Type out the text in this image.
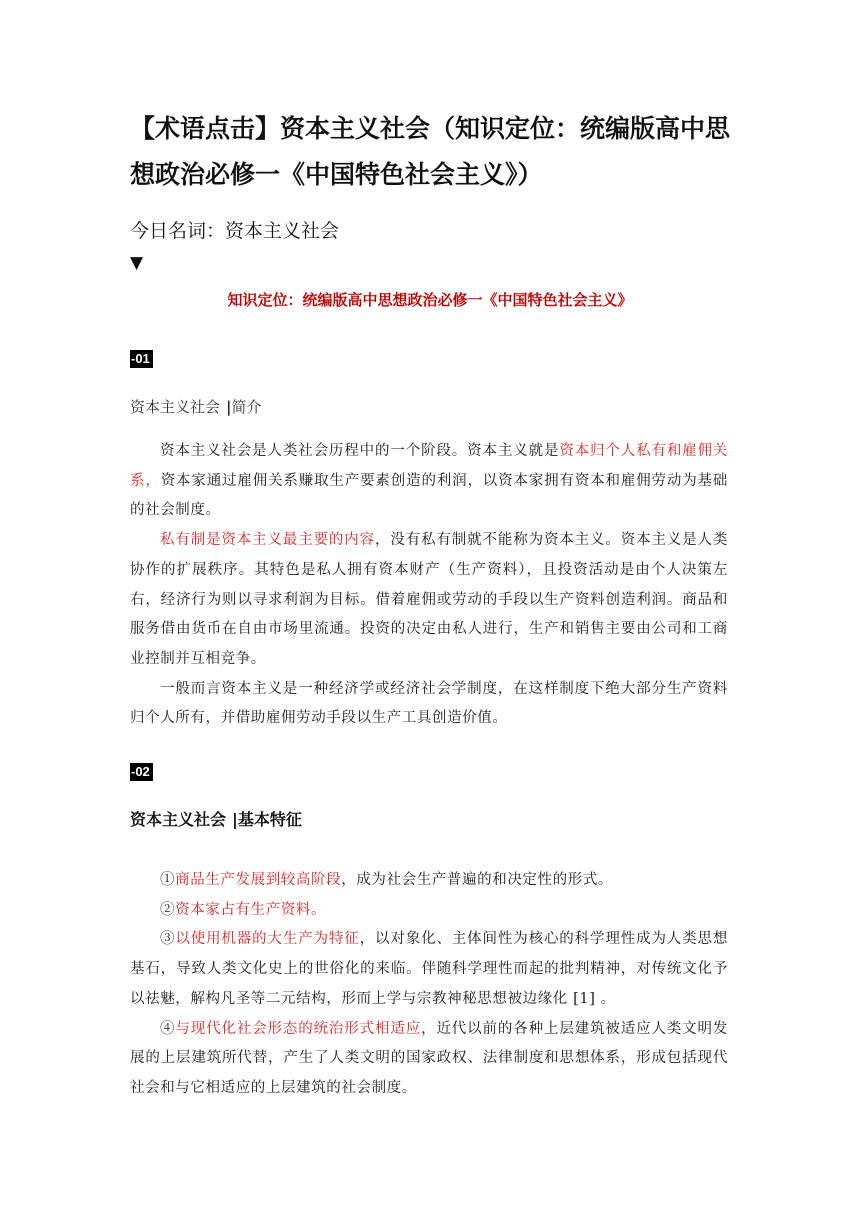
【术语点击】资本主义社会（知识定位：统编版高中思想政治必修一《中国特色社会主义》）
今日名词：资本主义社会
▼
知识定位：统编版高中思想政治必修一《中国特色社会主义》
-01
资本主义社会 |简介

资本主义社会是人类社会历程中的一个阶段。资本主义就是资本归个人私有和雇佣关系，资本家通过雇佣关系赚取生产要素创造的利润，以资本家拥有资本和雇佣劳动为基础的社会制度。

私有制是资本主义最主要的内容，没有私有制就不能称为资本主义。资本主义是人类协作的扩展秩序。其特色是私人拥有资本财产（生产资料），且投资活动是由个人决策左右，经济行为则以寻求利润为目标。借着雇佣或劳动的手段以生产资料创造利润。商品和服务借由货币在自由市场里流通。投资的决定由私人进行，生产和销售主要由公司和工商业控制并互相竞争。

一般而言资本主义是一种经济学或经济社会学制度，在这样制度下绝大部分生产资料归个人所有，并借助雇佣劳动手段以生产工具创造价值。

-02
资本主义社会 |基本特征

①商品生产发展到较高阶段，成为社会生产普遍的和决定性的形式。

②资本家占有生产资料。

③以使用机器的大生产为特征，以对象化、主体间性为核心的科学理性成为人类思想基石，导致人类文化史上的世俗化的来临。伴随科学理性而起的批判精神，对传统文化予以祛魅，解构凡圣等二元结构，形而上学与宗教神秘思想被边缘化 [1] 。

④与现代化社会形态的统治形式相适应，近代以前的各种上层建筑被适应人类文明发展的上层建筑所代替，产生了人类文明的国家政权、法律制度和思想体系，形成包括现代社会和与它相适应的上层建筑的社会制度。
